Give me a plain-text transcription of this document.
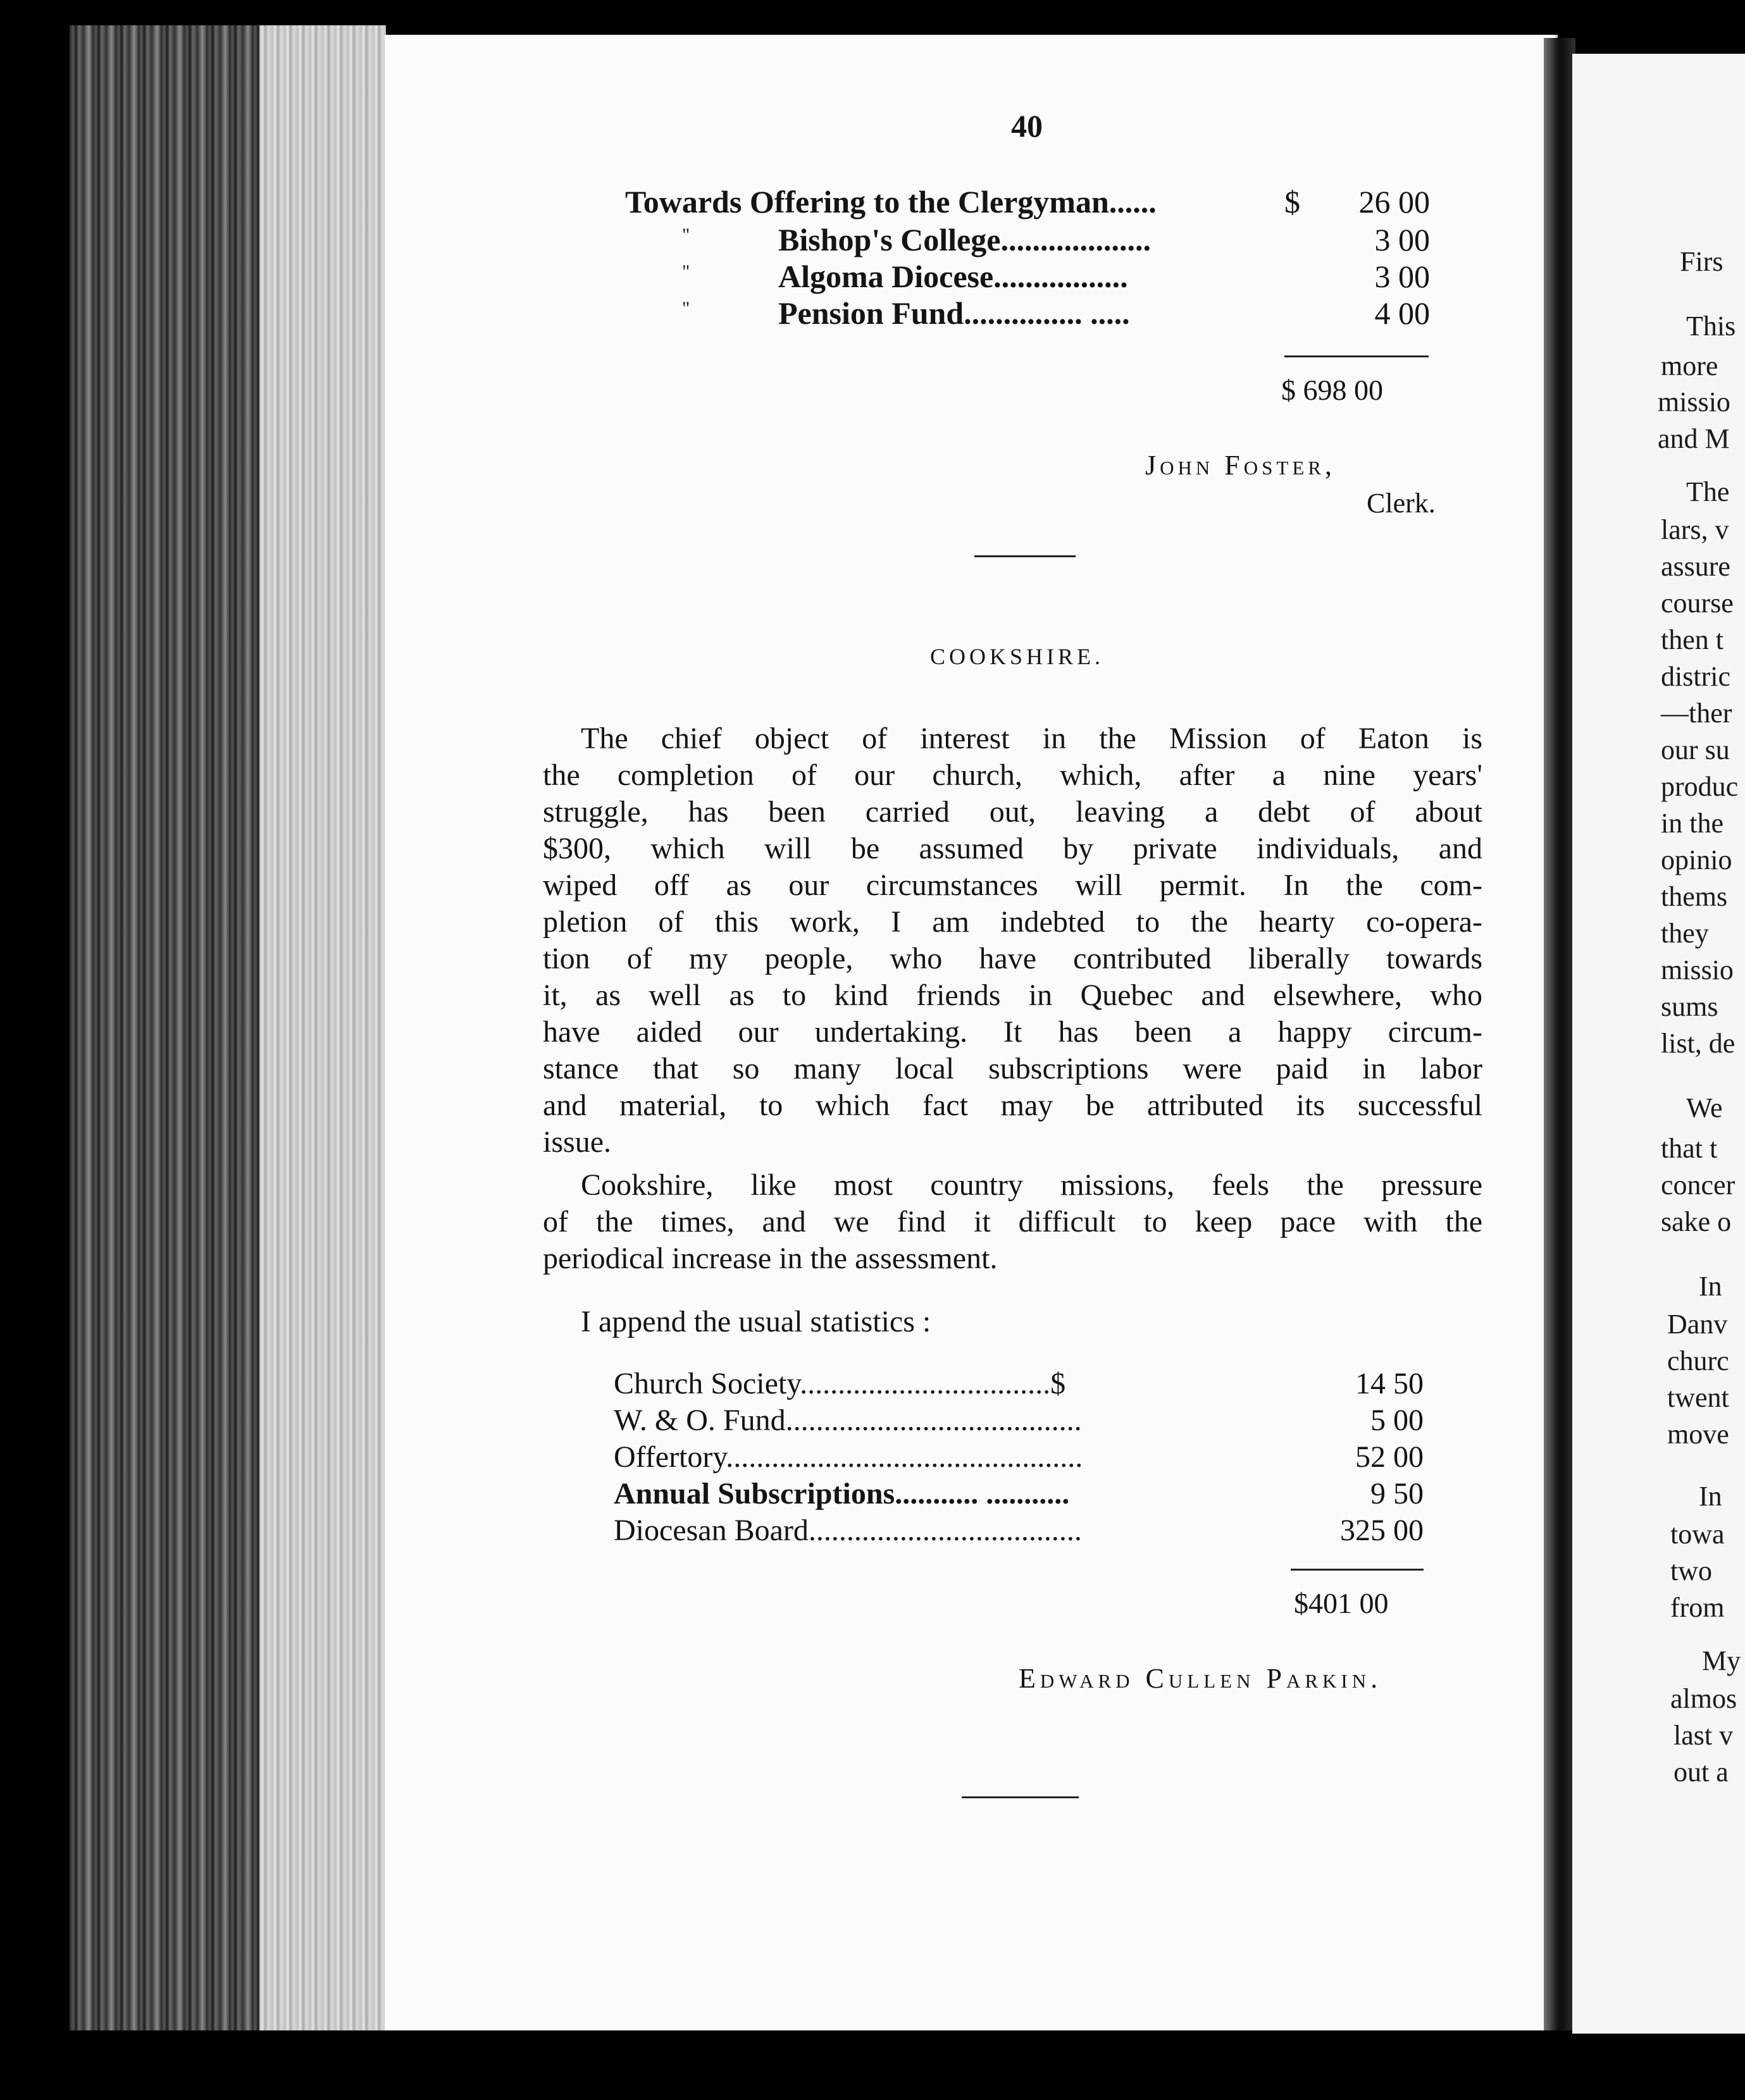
40
Towards Offering to the Clergyman......	$	26 00
"	Bishop's College...................	3 00
"	Algoma Diocese.................	3 00
"	Pension Fund............... .....	4 00
$ 698 00
John Foster,
Clerk.
COOKSHIRE.
The chief object of interest in the Mission of Eaton is
the completion of our church, which, after a nine years'
struggle, has been carried out, leaving a debt of about
$300, which will be assumed by private individuals, and
wiped off as our circumstances will permit. In the com-
pletion of this work, I am indebted to the hearty co-opera-
tion of my people, who have contributed liberally towards
it, as well as to kind friends in Quebec and elsewhere, who
have aided our undertaking. It has been a happy circum-
stance that so many local subscriptions were paid in labor
and material, to which fact may be attributed its successful
issue.
Cookshire, like most country missions, feels the pressure
of the times, and we find it difficult to keep pace with the
periodical increase in the assessment.
I append the usual statistics :
Church Society.................................$	14 50
W. & O. Fund.......................................	5 00
Offertory...............................................	52 00
Annual Subscriptions........... ...........	9 50
Diocesan Board....................................	325 00
$401 00
Edward Cullen Parkin.
Firs
This
more
missio
and M
The
lars, v
assure
course
then t
distric
—ther
our su
produc
in the
opinio
thems
they
missio
sums
list, de
We
that t
concer
sake o
In
Danv
churc
twent
move
In
towa
two
from
My
almos
last v
out a
